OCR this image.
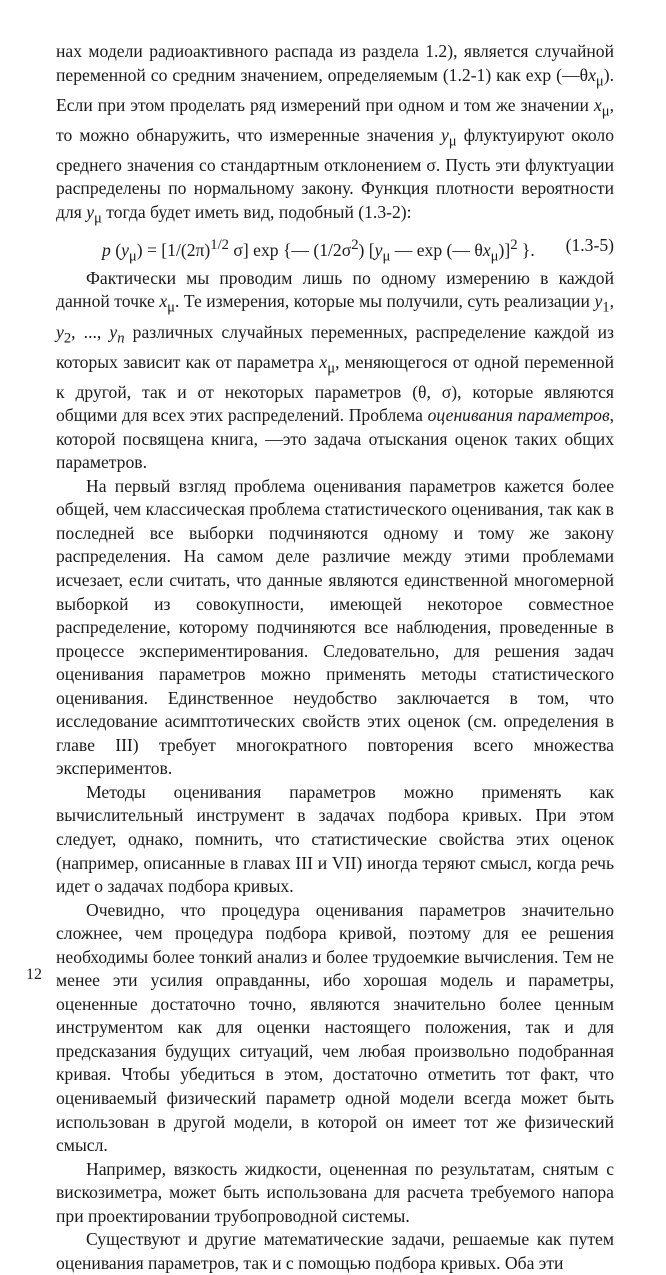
нах модели радиоактивного распада из раздела 1.2), является случайной переменной со средним значением, определяемым (1.2-1) как $\exp (—\theta x_\mu)$. Если при этом проделать ряд измерений при одном и том же значении $x_\mu$, то можно обнаружить, что измеренные значения $y_\mu$ флуктуируют около среднего значения со стандартным отклонением σ. Пусть эти флуктуации распределены по нормальному закону. Функция плотности вероятности для $y_\mu$ тогда будет иметь вид, подобный (1.3-2):

p $(y_\mu) = [1/(2\pi)^{1/2}$ σ] exp {— $(1/2\sigma^2)$ [$y_\mu$ — exp (— $\theta x_\mu)]^2$ }. (1.3-5)

Фактически мы проводим лишь по одному измерению в каждой данной точке $x_\mu$. Те измерения, которые мы получили, суть реализации $y_1$, $y_2$, ..., $y_n$ различных случайных переменных, распределение каждой из которых зависит как от параметра $x_\mu$, меняющегося от одной переменной к другой, так и от некоторых параметров (θ, σ), которые являются общими для всех этих распределений. Проблема оценивания параметров, которой посвящена книга, —это задача отыскания оценок таких общих параметров.

На первый взгляд проблема оценивания параметров кажется более общей, чем классическая проблема статистического оценивания, так как в последней все выборки подчиняются одному и тому же закону распределения. На самом деле различие между этими проблемами исчезает, если считать, что данные являются единственной многомерной выборкой из совокупности, имеющей некоторое совместное распределение, которому подчиняются все наблюдения, проведенные в процессе экспериментирования. Следовательно, для решения задач оценивания параметров можно применять методы статистического оценивания. Единственное неудобство заключается в том, что исследование асимптотических свойств этих оценок (см. определения в главе III) требует многократного повторения всего множества экспериментов.

Методы оценивания параметров можно применять как вычислительный инструмент в задачах подбора кривых. При этом следует, однако, помнить, что статистические свойства этих оценок (например, описанные в главах III и VII) иногда теряют смысл, когда речь идет о задачах подбора кривых.

Очевидно, что процедура оценивания параметров значительно сложнее, чем процедура подбора кривой, поэтому для ее решения необходимы более тонкий анализ и более трудоемкие вычисления. Тем не менее эти усилия оправданны, ибо хорошая модель и параметры, оцененные достаточно точно, являются значительно более ценным инструментом как для оценки настоящего положения, так и для предсказания будущих ситуаций, чем любая произвольно подобранная кривая. Чтобы убедиться в этом, достаточно отметить тот факт, что оцениваемый физический параметр одной модели всегда может быть использован в другой модели, в которой он имеет тот же физический смысл.

Например, вязкость жидкости, оцененная по результатам, снятым с вискозиметра, может быть использована для расчета требуемого напора при проектировании трубопроводной системы.

Существуют и другие математические задачи, решаемые как путем оценивания параметров, так и с помощью подбора кривых. Оба эти

12
